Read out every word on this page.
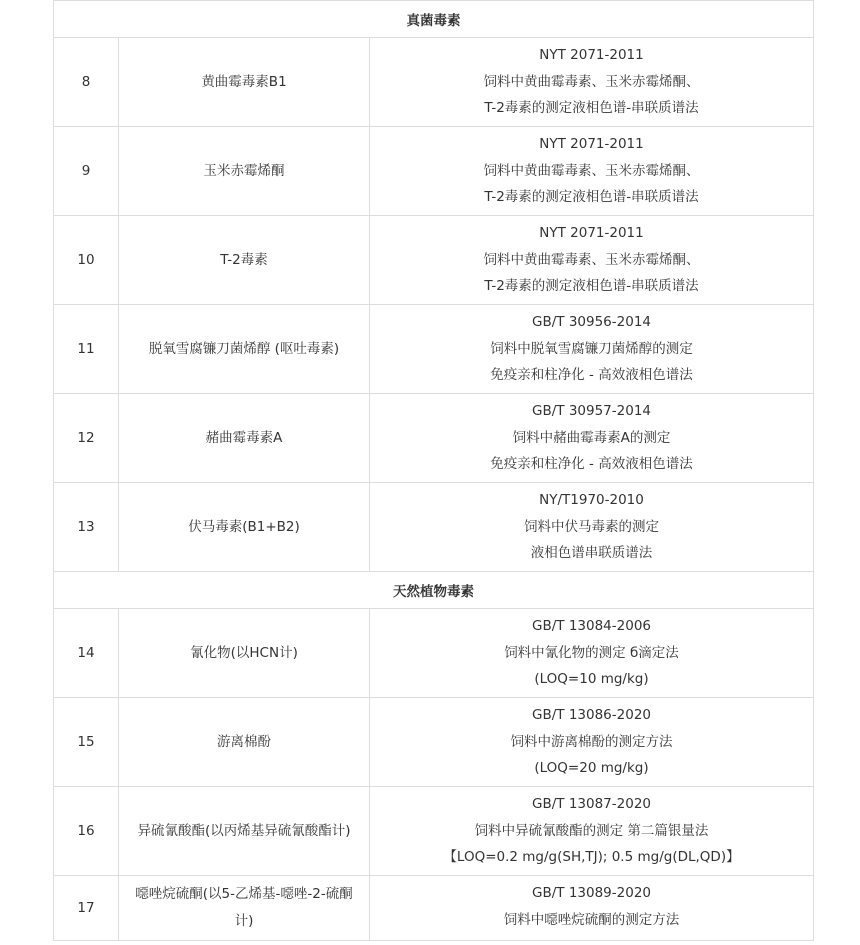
真菌毒素		
8	黄曲霉毒素B1	NYT 2071-2011
饲料中黄曲霉毒素、玉米赤霉烯酮、
T-2毒素的测定液相色谱-串联质谱法

9	玉米赤霉烯酮	NYT 2071-2011
饲料中黄曲霉毒素、玉米赤霉烯酮、
T-2毒素的测定液相色谱-串联质谱法

10	T-2毒素	NYT 2071-2011
饲料中黄曲霉毒素、玉米赤霉烯酮、
T-2毒素的测定液相色谱-串联质谱法

11	脱氧雪腐镰刀菌烯醇 (呕吐毒素)	GB/T 30956-2014
饲料中脱氧雪腐镰刀菌烯醇的测定
免疫亲和柱净化 - 高效液相色谱法

12	赭曲霉毒素A	GB/T 30957-2014
饲料中赭曲霉毒素A的测定
免疫亲和柱净化 - 高效液相色谱法

13	伏马毒素(B1+B2)	NY/T1970-2010
饲料中伏马毒素的测定
液相色谱串联质谱法

天然植物毒素		
14	氰化物(以HCN计)	GB/T 13084-2006
饲料中氰化物的测定 б滴定法
(LOQ=10 mg/kg)

15	游离棉酚	GB/T 13086-2020
饲料中游离棉酚的测定方法
(LOQ=20 mg/kg)

16	异硫氰酸酯(以丙烯基异硫氰酸酯计)	GB/T 13087-2020
饲料中异硫氰酸酯的测定 第二篇银量法
【LOQ=0.2 mg/g(SH,TJ); 0.5 mg/g(DL,QD)】

17	噁唑烷硫酮(以5-乙烯基-噁唑-2-硫酮计)	GB/T 13089-2020
饲料中噁唑烷硫酮的测定方法
